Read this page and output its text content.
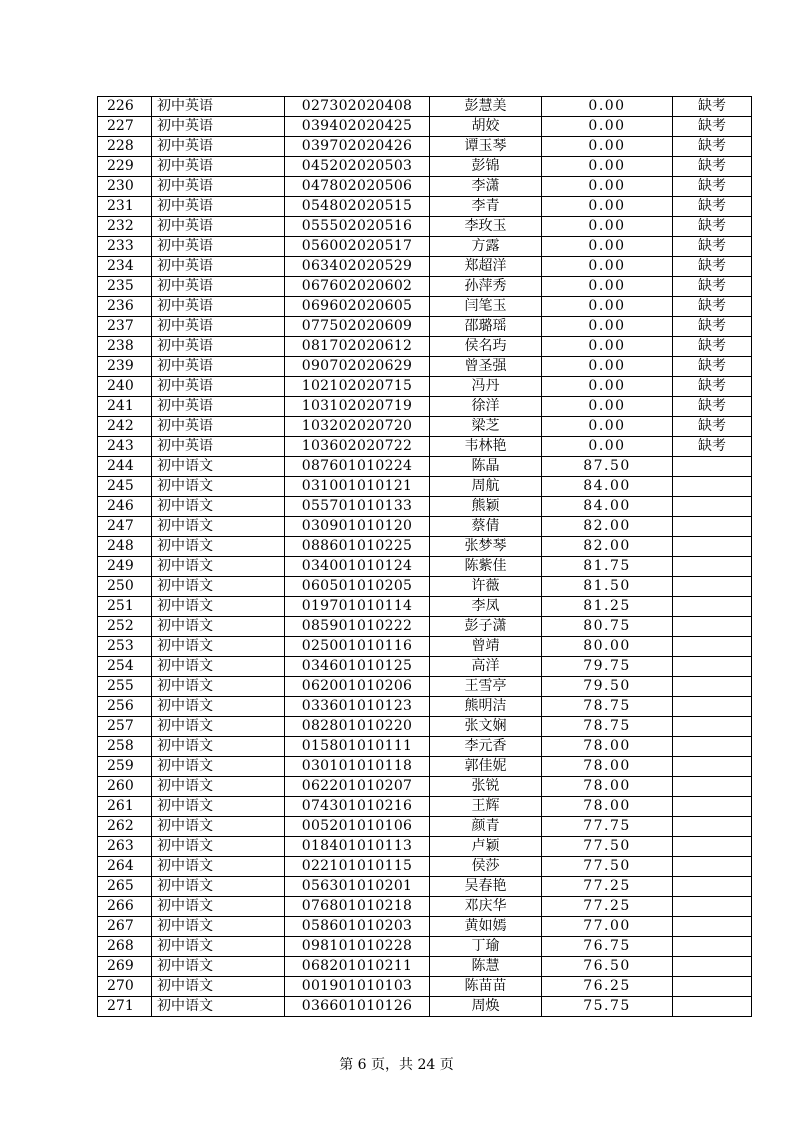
226	初中英语	027302020408	彭慧美	0.00	缺考
227	初中英语	039402020425	胡姣	0.00	缺考
228	初中英语	039702020426	谭玉琴	0.00	缺考
229	初中英语	045202020503	彭锦	0.00	缺考
230	初中英语	047802020506	李潇	0.00	缺考
231	初中英语	054802020515	李青	0.00	缺考
232	初中英语	055502020516	李玫玉	0.00	缺考
233	初中英语	056002020517	方露	0.00	缺考
234	初中英语	063402020529	郑超洋	0.00	缺考
235	初中英语	067602020602	孙萍秀	0.00	缺考
236	初中英语	069602020605	闫笔玉	0.00	缺考
237	初中英语	077502020609	邵璐瑶	0.00	缺考
238	初中英语	081702020612	侯名玙	0.00	缺考
239	初中英语	090702020629	曾圣强	0.00	缺考
240	初中英语	102102020715	冯丹	0.00	缺考
241	初中英语	103102020719	徐洋	0.00	缺考
242	初中英语	103202020720	梁芝	0.00	缺考
243	初中英语	103602020722	韦林艳	0.00	缺考
244	初中语文	087601010224	陈晶	87.50	
245	初中语文	031001010121	周航	84.00	
246	初中语文	055701010133	熊颖	84.00	
247	初中语文	030901010120	蔡倩	82.00	
248	初中语文	088601010225	张梦琴	82.00	
249	初中语文	034001010124	陈紫佳	81.75	
250	初中语文	060501010205	许薇	81.50	
251	初中语文	019701010114	李凤	81.25	
252	初中语文	085901010222	彭子潇	80.75	
253	初中语文	025001010116	曾靖	80.00	
254	初中语文	034601010125	高洋	79.75	
255	初中语文	062001010206	王雪亭	79.50	
256	初中语文	033601010123	熊明洁	78.75	
257	初中语文	082801010220	张文娴	78.75	
258	初中语文	015801010111	李元香	78.00	
259	初中语文	030101010118	郭佳妮	78.00	
260	初中语文	062201010207	张锐	78.00	
261	初中语文	074301010216	王辉	78.00	
262	初中语文	005201010106	颜青	77.75	
263	初中语文	018401010113	卢颖	77.50	
264	初中语文	022101010115	侯莎	77.50	
265	初中语文	056301010201	吴春艳	77.25	
266	初中语文	076801010218	邓庆华	77.25	
267	初中语文	058601010203	黄如嫣	77.00	
268	初中语文	098101010228	丁瑜	76.75	
269	初中语文	068201010211	陈慧	76.50	
270	初中语文	001901010103	陈苗苗	76.25	
271	初中语文	036601010126	周焕	75.75	
第 6 页，共 24 页
